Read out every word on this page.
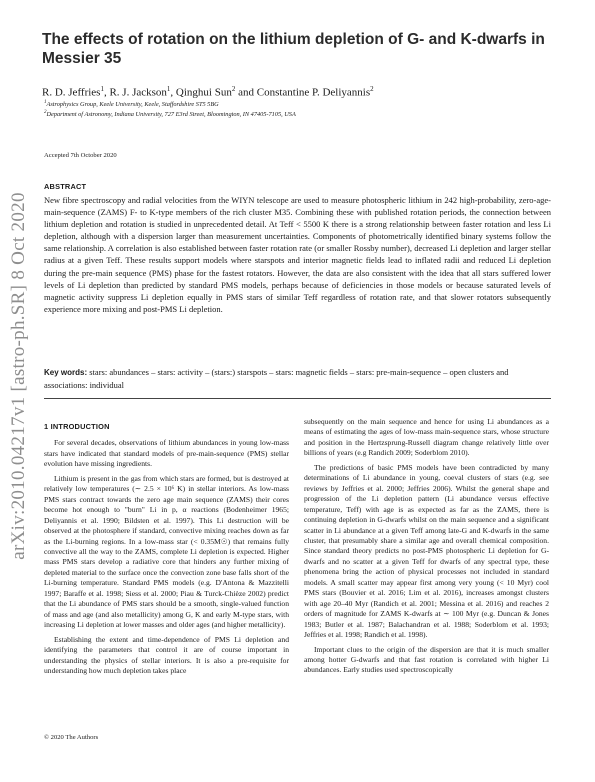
arXiv:2010.04217v1 [astro-ph.SR] 8 Oct 2020
The effects of rotation on the lithium depletion of G- and K-dwarfs in Messier 35
R. D. Jeffries$^1$, R. J. Jackson$^1$, Qinghui Sun$^2$ and Constantine P. Deliyannis$^2$
$^1$Astrophysics Group, Keele University, Keele, Staffordshire ST5 5BG
$^2$Department of Astronomy, Indiana University, 727 E3rd Street, Bloomington, IN 47405-7105, USA
Accepted 7th October 2020
ABSTRACT
New fibre spectroscopy and radial velocities from the WIYN telescope are used to measure photospheric lithium in 242 high-probability, zero-age-main-sequence (ZAMS) F- to K-type members of the rich cluster M35. Combining these with published rotation periods, the connection between lithium depletion and rotation is studied in unprecedented detail. At Teff < 5500 K there is a strong relationship between faster rotation and less Li depletion, although with a dispersion larger than measurement uncertainties. Components of photometrically identified binary systems follow the same relationship. A correlation is also established between faster rotation rate (or smaller Rossby number), decreased Li depletion and larger stellar radius at a given Teff. These results support models where starspots and interior magnetic fields lead to inflated radii and reduced Li depletion during the pre-main sequence (PMS) phase for the fastest rotators. However, the data are also consistent with the idea that all stars suffered lower levels of Li depletion than predicted by standard PMS models, perhaps because of deficiencies in those models or because saturated levels of magnetic activity suppress Li depletion equally in PMS stars of similar Teff regardless of rotation rate, and that slower rotators subsequently experience more mixing and post-PMS Li depletion.
Key words: stars: abundances – stars: activity – (stars:) starspots – stars: magnetic fields – stars: pre-main-sequence – open clusters and associations: individual

1 INTRODUCTION

For several decades, observations of lithium abundances in young low-mass stars have indicated that standard models of pre-main-sequence (PMS) stellar evolution have missing ingredients.

Lithium is present in the gas from which stars are formed, but is destroyed at relatively low temperatures (∼ 2.5 × 10⁶ K) in stellar interiors. As low-mass PMS stars contract towards the zero age main sequence (ZAMS) their cores become hot enough to "burn" Li in p, α reactions (Bodenheimer 1965; Deliyannis et al. 1990; Bildsten et al. 1997). This Li destruction will be observed at the photosphere if standard, convective mixing reaches down as far as the Li-burning regions. In a low-mass star (< 0.35M☉) that remains fully convective all the way to the ZAMS, complete Li depletion is expected. Higher mass PMS stars develop a radiative core that hinders any further mixing of depleted material to the surface once the convection zone base falls short of the Li-burning temperature. Standard PMS models (e.g. D'Antona & Mazzitelli 1997; Baraffe et al. 1998; Siess et al. 2000; Piau & Turck-Chièze 2002) predict that the Li abundance of PMS stars should be a smooth, single-valued function of mass and age (and also metallicity) among G, K and early M-type stars, with increasing Li depletion at lower masses and older ages (and higher metallicity).

Establishing the extent and time-dependence of PMS Li depletion and identifying the parameters that control it are of course important in understanding the physics of stellar interiors. It is also a pre-requisite for understanding how much depletion takes place

subsequently on the main sequence and hence for using Li abundances as a means of estimating the ages of low-mass main-sequence stars, whose structure and position in the Hertzsprung-Russell diagram change relatively little over billions of years (e.g Randich 2009; Soderblom 2010).

The predictions of basic PMS models have been contradicted by many determinations of Li abundance in young, coeval clusters of stars (e.g. see reviews by Jeffries et al. 2000; Jeffries 2006). Whilst the general shape and progression of the Li depletion pattern (Li abundance versus effective temperature, Teff) with age is as expected as far as the ZAMS, there is continuing depletion in G-dwarfs whilst on the main sequence and a significant scatter in Li abundance at a given Teff among late-G and K-dwarfs in the same cluster, that presumably share a similar age and overall chemical composition. Since standard theory predicts no post-PMS photospheric Li depletion for G-dwarfs and no scatter at a given Teff for dwarfs of any spectral type, these phenomena bring the action of physical processes not included in standard models. A small scatter may appear first among very young (< 10 Myr) cool PMS stars (Bouvier et al. 2016; Lim et al. 2016), increases amongst clusters with age 20–40 Myr (Randich et al. 2001; Messina et al. 2016) and reaches 2 orders of magnitude for ZAMS K-dwarfs at ∼ 100 Myr (e.g. Duncan & Jones 1983; Butler et al. 1987; Balachandran et al. 1988; Soderblom et al. 1993; Jeffries et al. 1998; Randich et al. 1998).

Important clues to the origin of the dispersion are that it is much smaller among hotter G-dwarfs and that fast rotation is correlated with higher Li abundances. Early studies used spectroscopically

© 2020 The Authors
